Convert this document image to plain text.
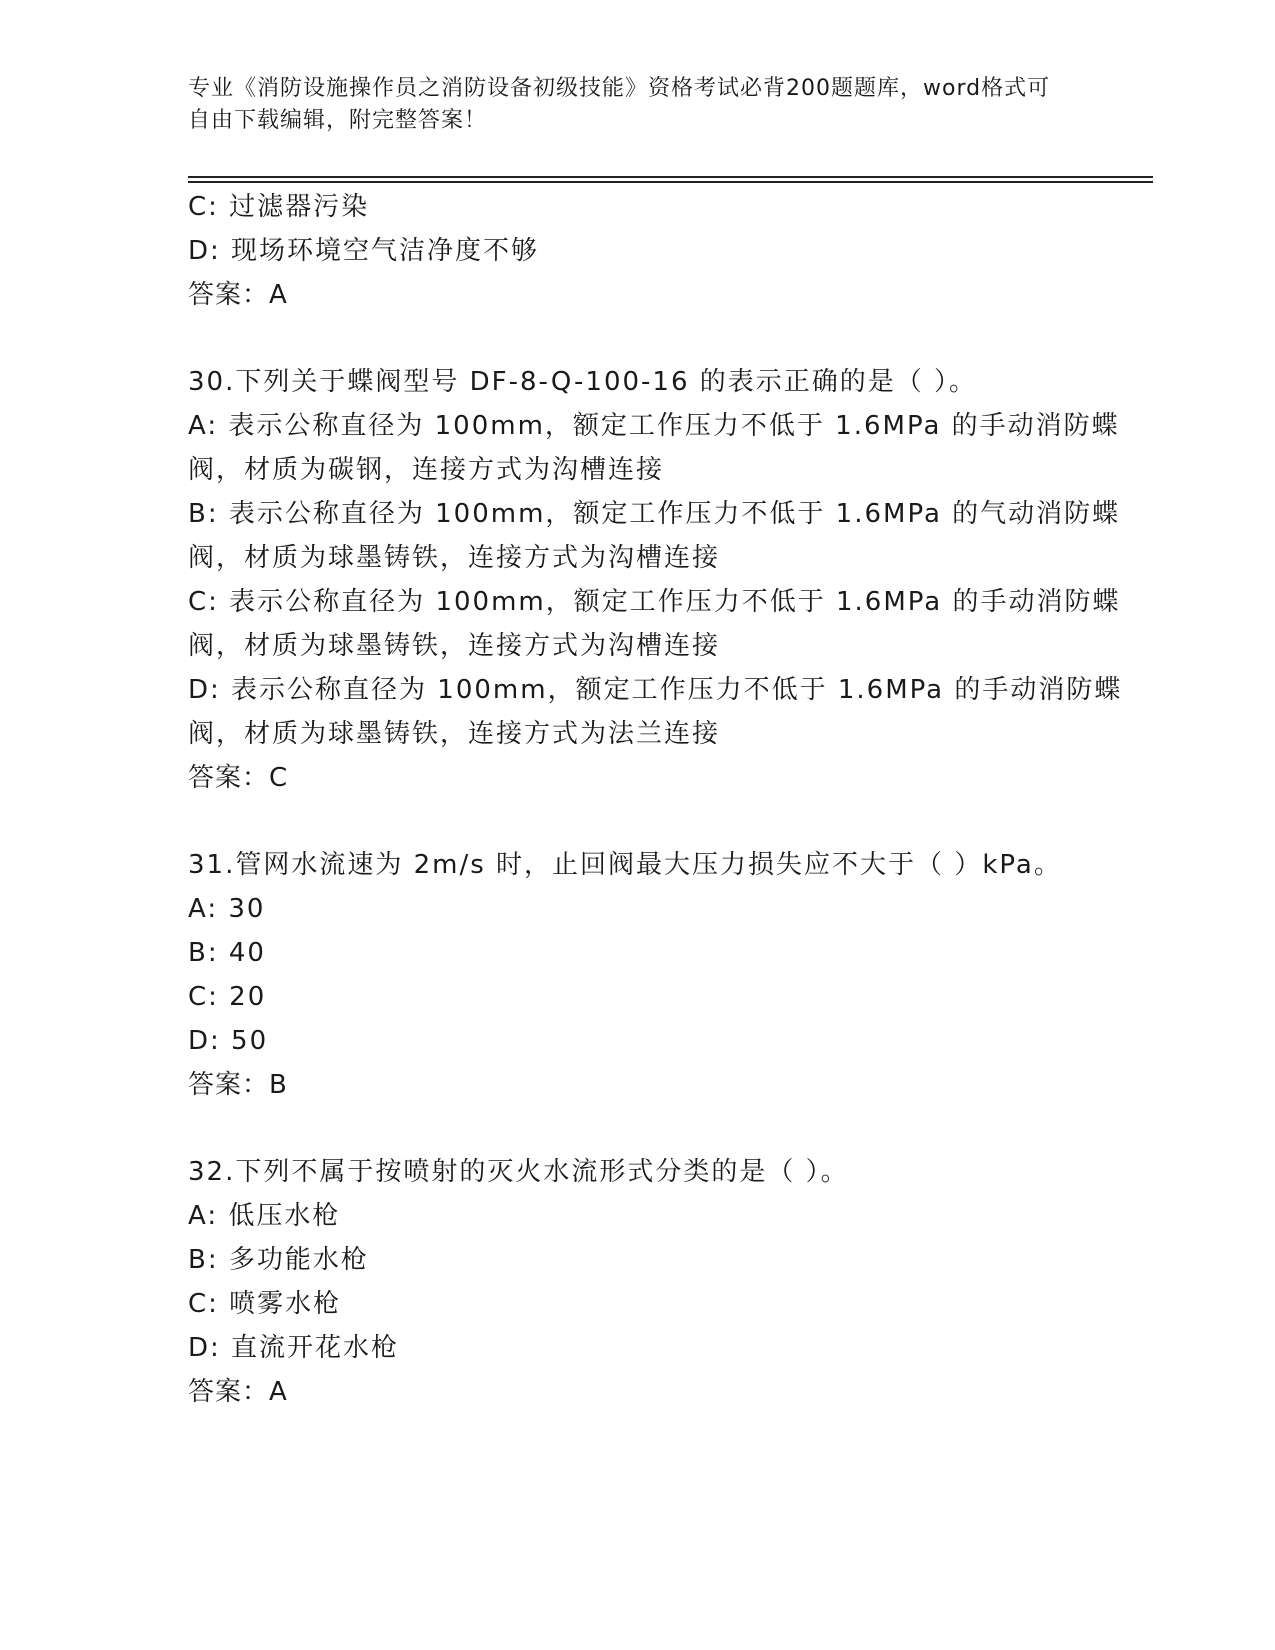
专业《消防设施操作员之消防设备初级技能》资格考试必背200题题库，word格式可自由下载编辑，附完整答案！
C: 过滤器污染
D: 现场环境空气洁净度不够
答案：A
30.下列关于蝶阀型号 DF-8-Q-100-16 的表示正确的是（ ）。
A: 表示公称直径为 100mm，额定工作压力不低于 1.6MPa 的手动消防蝶
阀，材质为碳钢，连接方式为沟槽连接
B: 表示公称直径为 100mm，额定工作压力不低于 1.6MPa 的气动消防蝶
阀，材质为球墨铸铁，连接方式为沟槽连接
C: 表示公称直径为 100mm，额定工作压力不低于 1.6MPa 的手动消防蝶
阀，材质为球墨铸铁，连接方式为沟槽连接
D: 表示公称直径为 100mm，额定工作压力不低于 1.6MPa 的手动消防蝶
阀，材质为球墨铸铁，连接方式为法兰连接
答案：C
31.管网水流速为 2m/s 时，止回阀最大压力损失应不大于（ ）kPa。
A: 30
B: 40
C: 20
D: 50
答案：B
32.下列不属于按喷射的灭火水流形式分类的是（ ）。
A: 低压水枪
B: 多功能水枪
C: 喷雾水枪
D: 直流开花水枪
答案：A
